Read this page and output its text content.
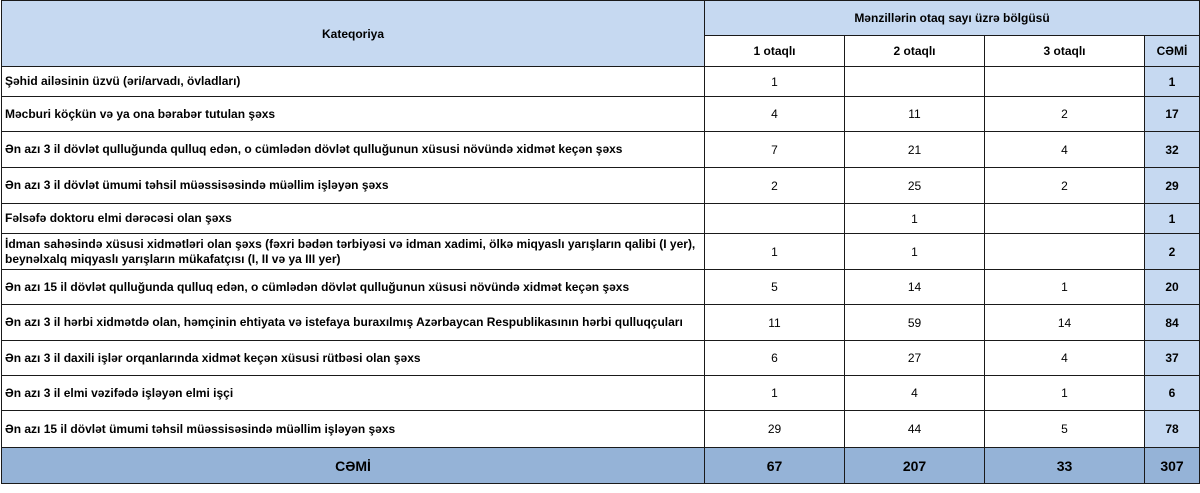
Kateqoriya	Mənzillərin otaq sayı üzrə bölgüsü			
	1 otaqlı	2 otaqlı	3 otaqlı	CƏMİ
Şəhid ailəsinin üzvü (əri/arvadı, övladları)	1			1
Məcburi köçkün və ya ona bərabər tutulan şəxs	4	11	2	17
Ən azı 3 il dövlət qulluğunda qulluq edən, o cümlədən dövlət qulluğunun xüsusi növündə xidmət keçən şəxs	7	21	4	32
Ən azı 3 il dövlət ümumi təhsil müəssisəsində müəllim işləyən şəxs	2	25	2	29
Fəlsəfə doktoru elmi dərəcəsi olan şəxs		1		1
İdman sahəsində xüsusi xidmətləri olan şəxs (fəxri bədən tərbiyəsi və idman xadimi, ölkə miqyaslı yarışların qalibi (I yer), beynəlxalq miqyaslı yarışların mükafatçısı (I, II və ya III yer)	1	1		2
Ən azı 15 il dövlət qulluğunda qulluq edən, o cümlədən dövlət qulluğunun xüsusi növündə xidmət keçən şəxs	5	14	1	20
Ən azı 3 il hərbi xidmətdə olan, həmçinin ehtiyata və istefaya buraxılmış Azərbaycan Respublikasının hərbi qulluqçuları	11	59	14	84
Ən azı 3 il daxili işlər orqanlarında xidmət keçən xüsusi rütbəsi olan şəxs	6	27	4	37
Ən azı 3 il elmi vəzifədə işləyən elmi işçi	1	4	1	6
Ən azı 15 il dövlət ümumi təhsil müəssisəsində müəllim işləyən şəxs	29	44	5	78
CƏMİ	67	207	33	307
